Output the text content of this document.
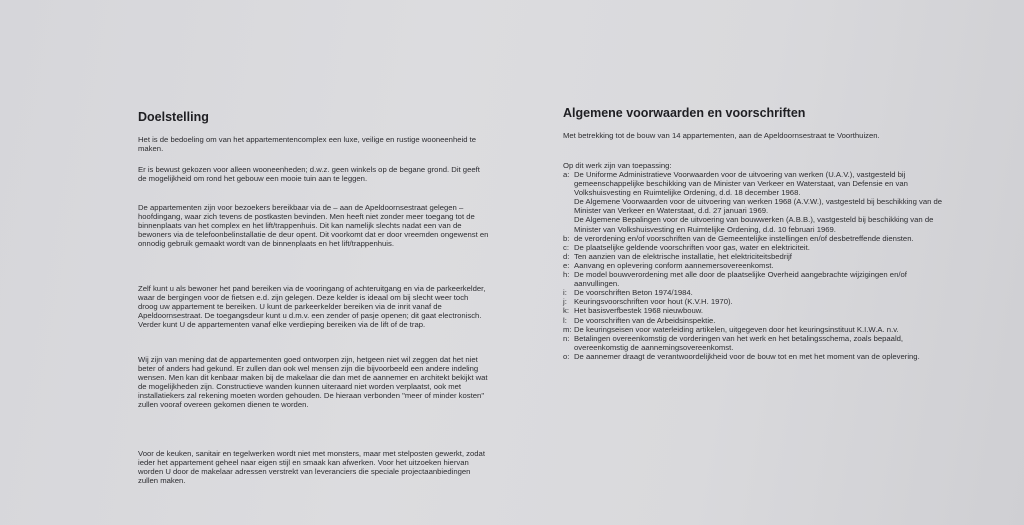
Doelstelling

Het is de bedoeling om van het appartementencomplex een luxe, veilige en rustige wooneenheid te maken.

Er is bewust gekozen voor alleen wooneenheden; d.w.z. geen winkels op de begane grond. Dit geeft de mogelijkheid om rond het gebouw een mooie tuin aan te leggen.

De appartementen zijn voor bezoekers bereikbaar via de – aan de Apeldoornsestraat gelegen – hoofdingang, waar zich tevens de postkasten bevinden. Men heeft niet zonder meer toegang tot de binnenplaats van het complex en het lift/trappenhuis. Dit kan namelijk slechts nadat een van de bewoners via de telefoonbelinstallatie de deur opent. Dit voorkomt dat er door vreemden ongewenst en onnodig gebruik gemaakt wordt van de binnenplaats en het lift/trappenhuis.

Zelf kunt u als bewoner het pand bereiken via de vooringang of achteruitgang en via de parkeerkelder, waar de bergingen voor de fietsen e.d. zijn gelegen. Deze kelder is ideaal om bij slecht weer toch droog uw appartement te bereiken. U kunt de parkeerkelder bereiken via de inrit vanaf de Apeldoornsestraat. De toegangsdeur kunt u d.m.v. een zender of pasje openen; dit gaat electronisch. Verder kunt U de appartementen vanaf elke verdieping bereiken via de lift of de trap.

Wij zijn van mening dat de appartementen goed ontworpen zijn, hetgeen niet wil zeggen dat het niet beter of anders had gekund. Er zullen dan ook wel mensen zijn die bijvoorbeeld een andere indeling wensen. Men kan dit kenbaar maken bij de makelaar die dan met de aannemer en architekt bekijkt wat de mogelijkheden zijn. Constructieve wanden kunnen uiteraard niet worden verplaatst, ook met installatiekers zal rekening moeten worden gehouden. De hieraan verbonden "meer of minder kosten" zullen vooraf overeen gekomen dienen te worden.

Voor de keuken, sanitair en tegelwerken wordt niet met monsters, maar met stelposten gewerkt, zodat ieder het appartement geheel naar eigen stijl en smaak kan afwerken. Voor het uitzoeken hiervan worden U door de makelaar adressen verstrekt van leveranciers die speciale projectaanbiedingen zullen maken.

Algemene voorwaarden en voorschriften

Met betrekking tot de bouw van 14 appartementen, aan de Apeldoornsestraat te Voorthuizen.

Op dit werk zijn van toepassing:

a: De Uniforme Administratieve Voorwaarden voor de uitvoering van werken (U.A.V.), vastgesteld bij gemeenschappelijke beschikking van de Minister van Verkeer en Waterstaat, van Defensie en van Volkshuisvesting en Ruimtelijke Ordening, d.d. 18 december 1968.
De Algemene Voorwaarden voor de uitvoering van werken 1968 (A.V.W.), vastgesteld bij beschikking van de Minister van Verkeer en Waterstaat, d.d. 27 januari 1969.
De Algemene Bepalingen voor de uitvoering van bouwwerken (A.B.B.), vastgesteld bij beschikking van de Minister van Volkshuisvesting en Ruimtelijke Ordening, d.d. 10 februari 1969.
b: de verordening en/of voorschriften van de Gemeentelijke instellingen en/of desbetreffende diensten.
c: De plaatselijke geldende voorschriften voor gas, water en elektriciteit.
d: Ten aanzien van de elektrische installatie, het elektriciteitsbedrijf
e: Aanvang en oplevering conform aannemersovereenkomst.
h: De model bouwverordening met alle door de plaatselijke Overheid aangebrachte wijzigingen en/of aanvullingen.
i: De voorschriften Beton 1974/1984.
j: Keuringsvoorschriften voor hout (K.V.H. 1970).
k: Het basisverfbestek 1968 nieuwbouw.
l: De voorschriften van de Arbeidsinspektie.
m: De keuringseisen voor waterleiding artikelen, uitgegeven door het keuringsinstituut K.I.W.A. n.v.
n: Betalingen overeenkomstig de vorderingen van het werk en het betalingsschema, zoals bepaald, overeenkomstig de aannemingsovereenkomst.
o: De aannemer draagt de verantwoordelijkheid voor de bouw tot en met het moment van de oplevering.
